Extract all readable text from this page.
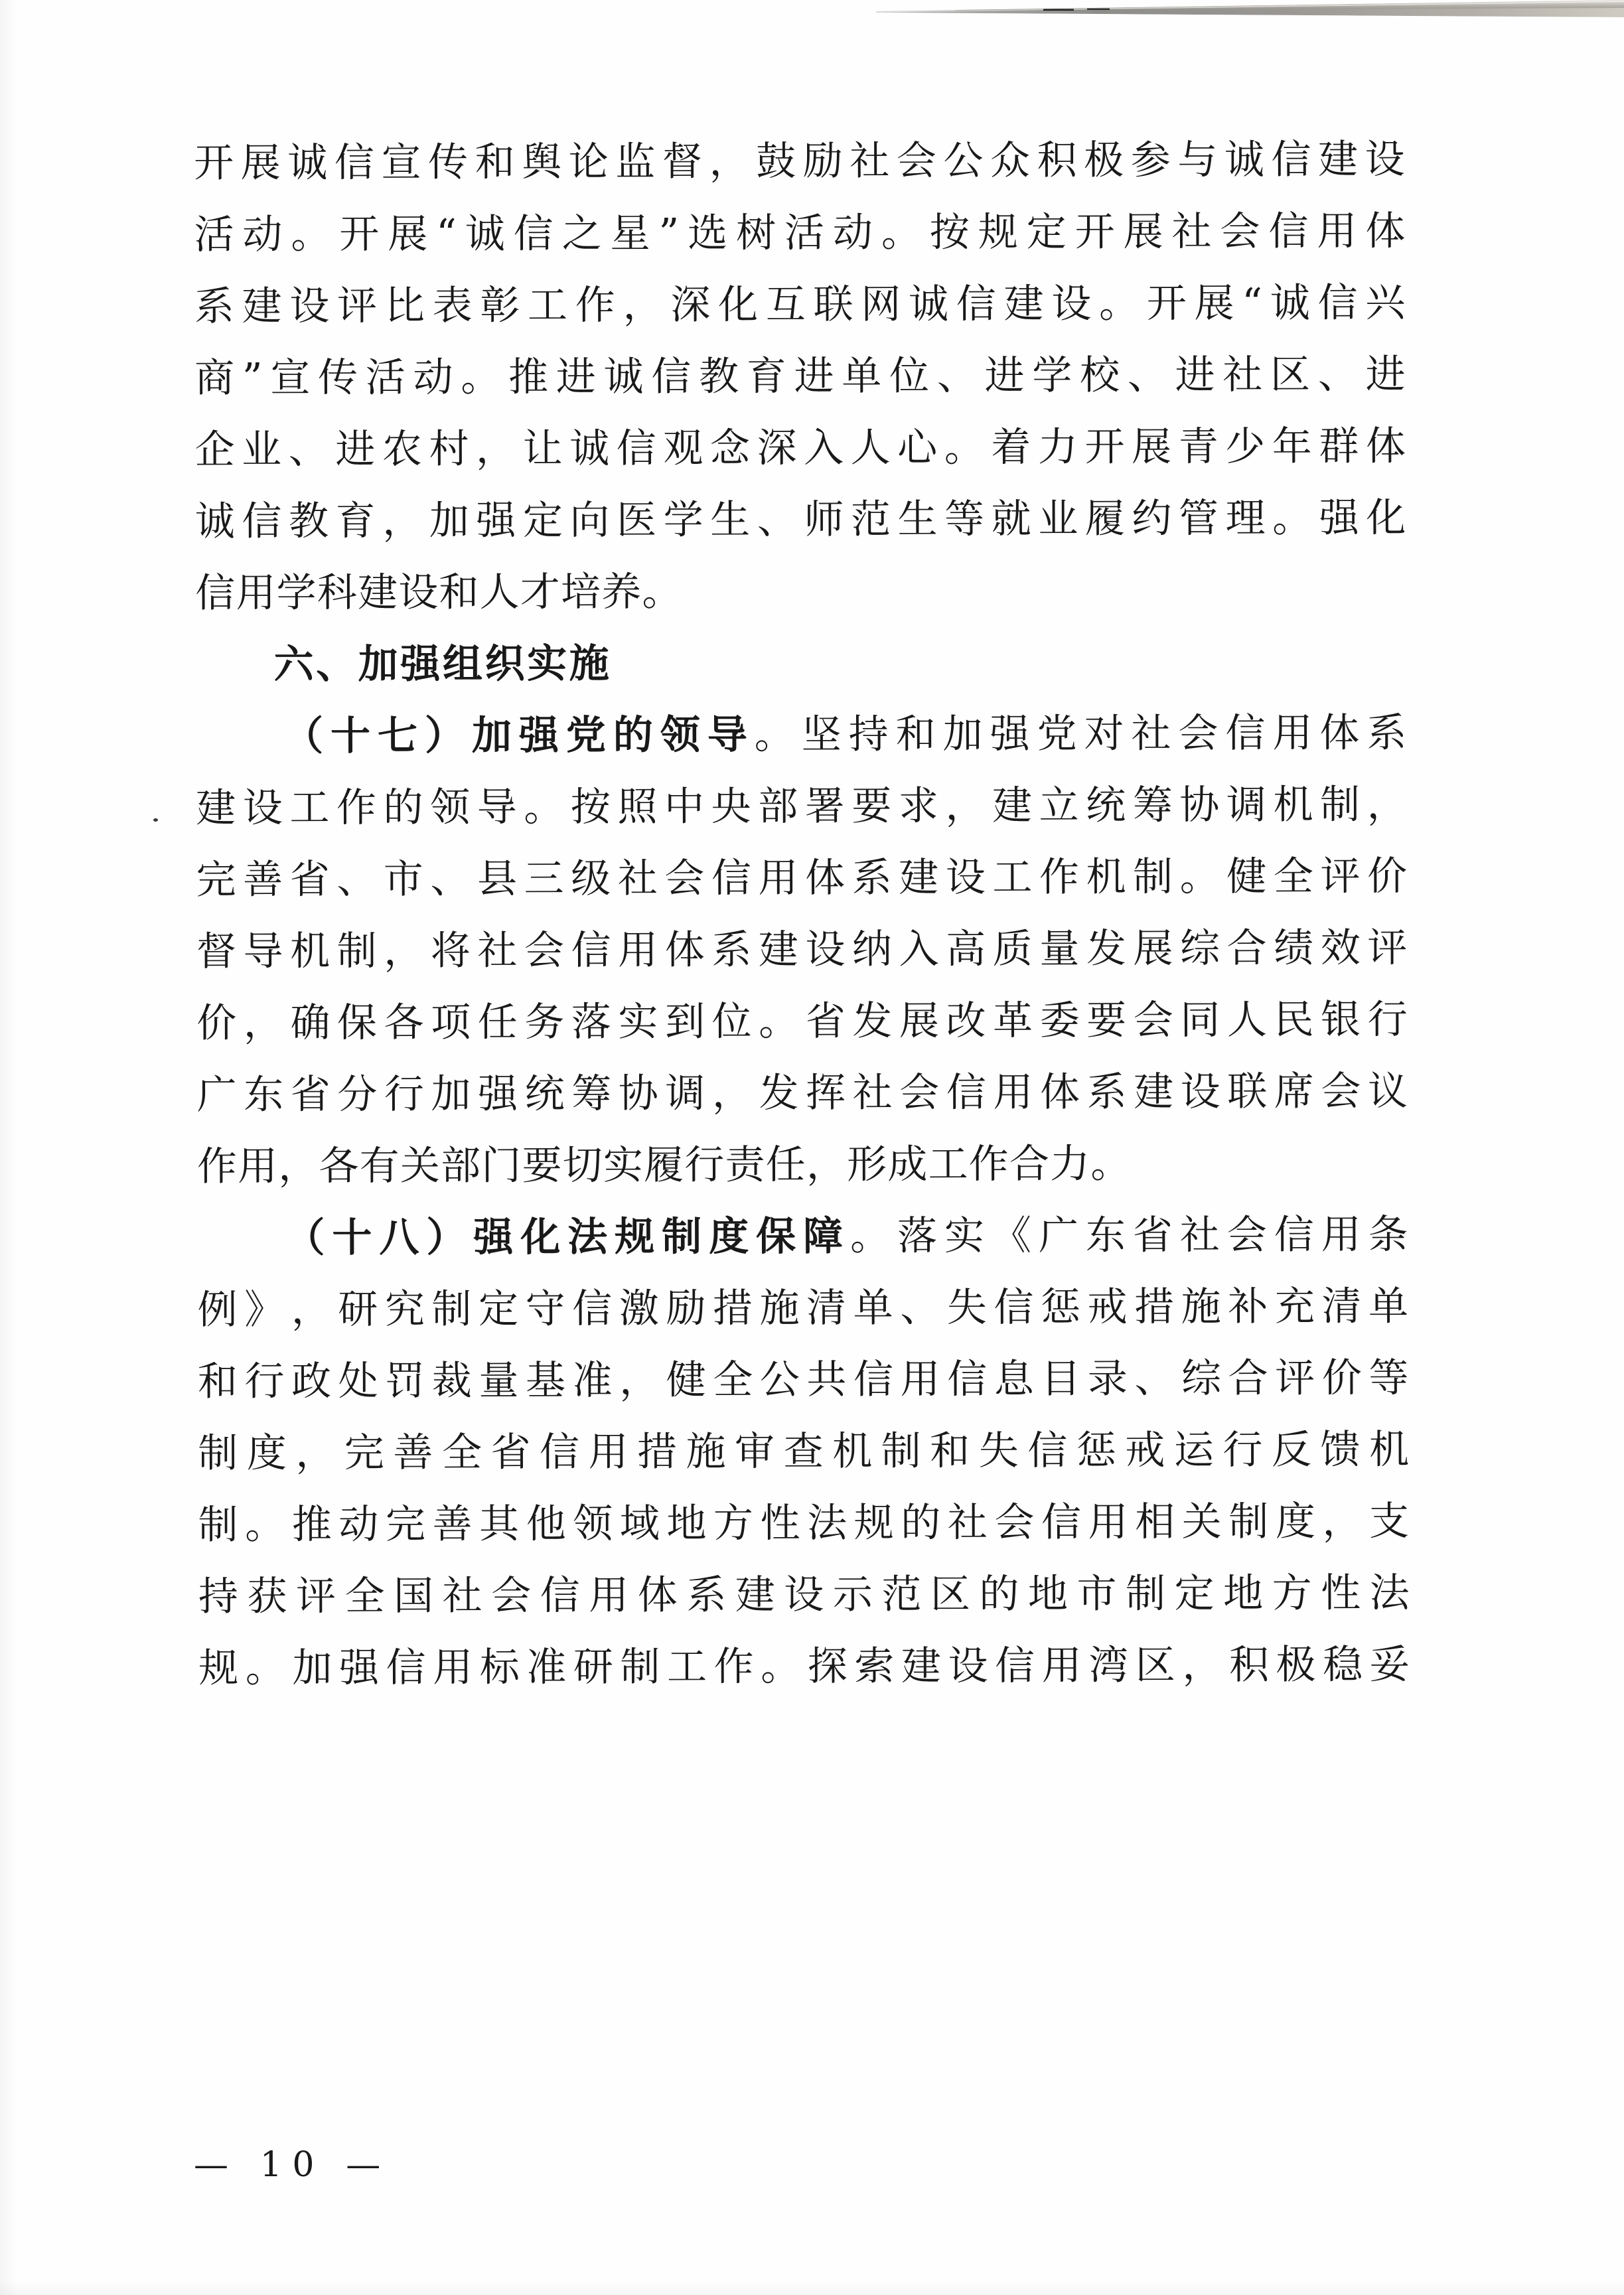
开 展 诚 信 宣 传 和 舆 论 监 督 ， 鼓 励 社 会 公 众 积 极 参 与 诚 信 建 设
活 动 。 开 展 “ 诚 信 之 星 ” 选 树 活 动 。 按 规 定 开 展 社 会 信 用 体
系 建 设 评 比 表 彰 工 作 ， 深 化 互 联 网 诚 信 建 设 。 开 展 “ 诚 信 兴
商 ” 宣 传 活 动 。 推 进 诚 信 教 育 进 单 位 、 进 学 校 、 进 社 区 、 进
企 业 、 进 农 村 ， 让 诚 信 观 念 深 入 人 心 。 着 力 开 展 青 少 年 群 体
诚 信 教 育 ， 加 强 定 向 医 学 生 、 师 范 生 等 就 业 履 约 管 理 。 强 化
信用学科建设和人才培养。
六、加强组织实施

（ 十 七 ） 加 强 党 的 领 导 。 坚 持 和 加 强 党 对 社 会 信 用 体 系
建 设 工 作 的 领 导 。 按 照 中 央 部 署 要 求 ， 建 立 统 筹 协 调 机 制 ，
完 善 省 、 市 、 县 三 级 社 会 信 用 体 系 建 设 工 作 机 制 。 健 全 评 价
督 导 机 制 ， 将 社 会 信 用 体 系 建 设 纳 入 高 质 量 发 展 综 合 绩 效 评
价 ， 确 保 各 项 任 务 落 实 到 位 。 省 发 展 改 革 委 要 会 同 人 民 银 行
广 东 省 分 行 加 强 统 筹 协 调 ， 发 挥 社 会 信 用 体 系 建 设 联 席 会 议
作用，各有关部门要切实履行责任，形成工作合力。

（ 十 八 ） 强 化 法 规 制 度 保 障 。 落 实 《 广 东 省 社 会 信 用 条
例 》 ， 研 究 制 定 守 信 激 励 措 施 清 单 、 失 信 惩 戒 措 施 补 充 清 单
和 行 政 处 罚 裁 量 基 准 ， 健 全 公 共 信 用 信 息 目 录 、 综 合 评 价 等
制 度 ， 完 善 全 省 信 用 措 施 审 查 机 制 和 失 信 惩 戒 运 行 反 馈 机
制 。 推 动 完 善 其 他 领 域 地 方 性 法 规 的 社 会 信 用 相 关 制 度 ， 支
持 获 评 全 国 社 会 信 用 体 系 建 设 示 范 区 的 地 市 制 定 地 方 性 法
规 。 加 强 信 用 标 准 研 制 工 作 。 探 索 建 设 信 用 湾 区 ， 积 极 稳 妥
— 10 —
